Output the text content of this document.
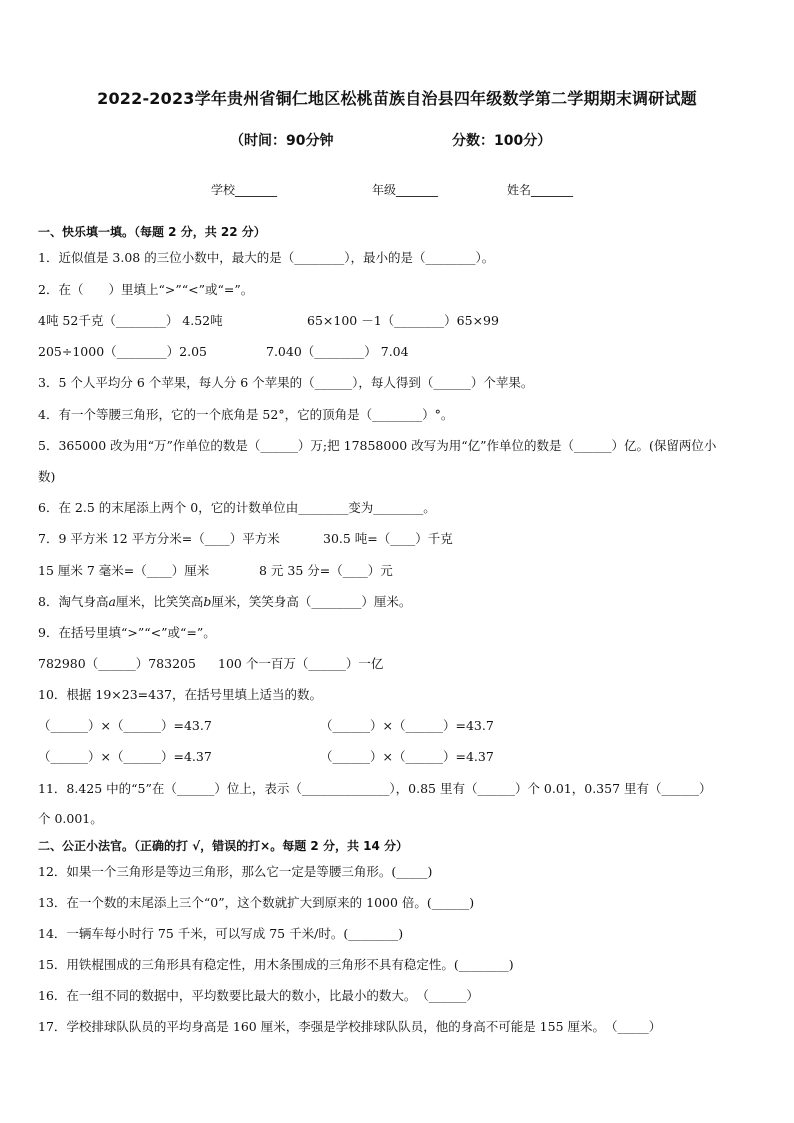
2022-2023学年贵州省铜仁地区松桃苗族自治县四年级数学第二学期期末调研试题
（时间：90分钟	分数：100分）
学校_______	年级_______	姓名_______
一、快乐填一填。（每题 2 分，共 22 分）
1．近似值是 3.08 的三位小数中，最大的是（________），最小的是（________）。
2．在（　　）里填上“>”“<”或“=”。
4吨 52千克（________） 4.52吨	65×100 －1（________）65×99
205÷1000（________）2.05	7.040（________） 7.04
3．5 个人平均分 6 个苹果，每人分 6 个苹果的（______），每人得到（______）个苹果。
4．有一个等腰三角形，它的一个底角是 52°，它的顶角是（________）°。
5．365000 改为用“万”作单位的数是（______）万;把 17858000 改写为用“亿”作单位的数是（______）亿。(保留两位小
数)
6．在 2.5 的末尾添上两个 0，它的计数单位由________变为________。
7．9 平方米 12 平方分米=（____）平方米	30.5 吨=（____）千克
15 厘米 7 毫米=（____）厘米	8 元 35 分=（____）元
8．淘气身高𝑎厘米，比笑笑高𝑏厘米，笑笑身高（________）厘米。
9．在括号里填“>”“<”或“=”。
782980（______）783205 100 个一百万（______）一亿
10．根据 19×23=437，在括号里填上适当的数。
（______）×（______）=43.7	（______）×（______）=43.7
（______）×（______）=4.37	（______）×（______）=4.37
11．8.425 中的“5”在（______）位上，表示（______________），0.85 里有（______）个 0.01，0.357 里有（______）
个 0.001。
二、公正小法官。（正确的打 √，错误的打×。每题 2 分，共 14 分）
12．如果一个三角形是等边三角形，那么它一定是等腰三角形。(_____)
13．在一个数的末尾添上三个“0”，这个数就扩大到原来的 1000 倍。(______)
14．一辆车每小时行 75 千米，可以写成 75 千米/时。(________)
15．用铁棍围成的三角形具有稳定性，用木条围成的三角形不具有稳定性。(________)
16．在一组不同的数据中，平均数要比最大的数小，比最小的数大。　（______）
17．学校排球队队员的平均身高是 160 厘米，李强是学校排球队队员，他的身高不可能是 155 厘米。　（_____）
